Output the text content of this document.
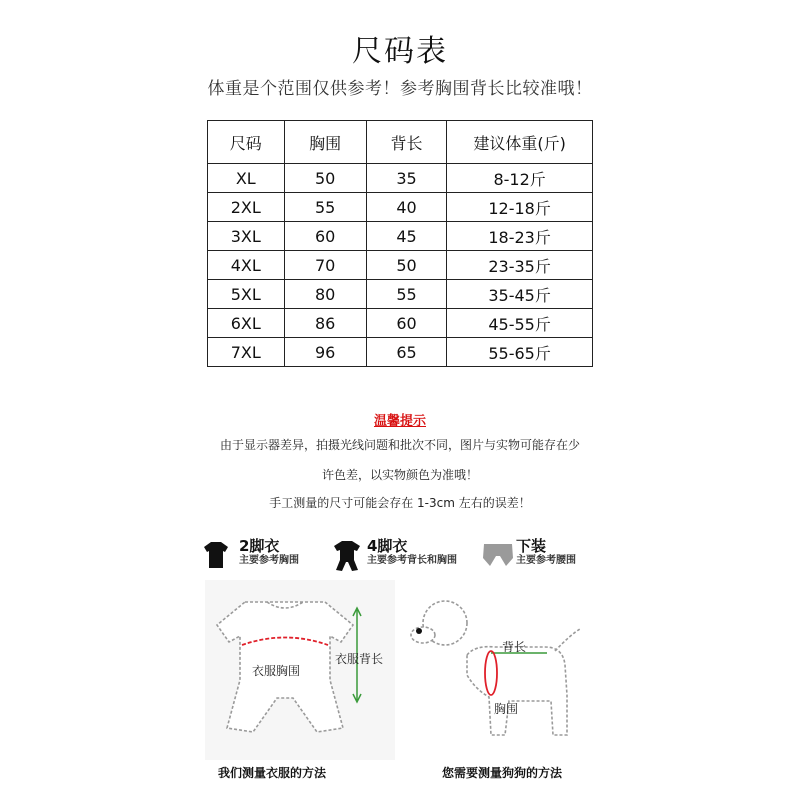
尺码表
体重是个范围仅供参考！参考胸围背长比较准哦！
尺码	胸围	背长	建议体重(斤)
XL	50	35	8-12斤
2XL	55	40	12-18斤
3XL	60	45	18-23斤
4XL	70	50	23-35斤
5XL	80	55	35-45斤
6XL	86	60	45-55斤
7XL	96	65	55-65斤
温馨提示
由于显示器差异，拍摄光线问题和批次不同，图片与实物可能存在少
许色差，以实物颜色为准哦！
手工测量的尺寸可能会存在 1-3cm 左右的误差！
2脚衣
主要参考胸围
4脚衣
主要参考背长和胸围
下装
主要参考腰围
衣服胸围
衣服背长
我们测量衣服的方法
背长
胸围
您需要测量狗狗的方法
